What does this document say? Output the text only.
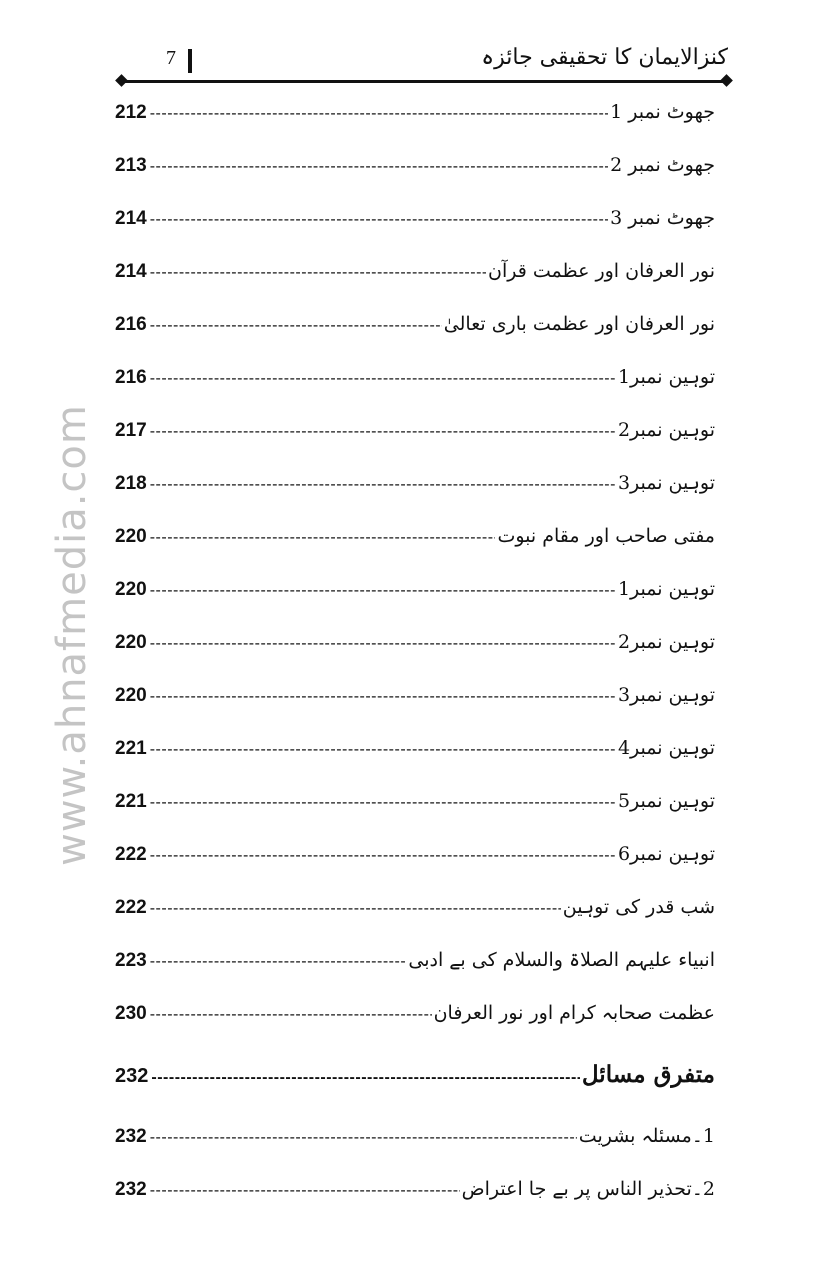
www.ahnafmedia.com
کنزالایمان کا تحقیقی جائزہ
7
جھوٹ نمبر 1
-----
212
جھوٹ نمبر 2
-----
213
جھوٹ نمبر 3
-----
214
نور العرفان اور عظمت قرآن
-----
214
نور العرفان اور عظمت باری تعالیٰ
-----
216
توہین نمبر1
-----
216
توہین نمبر2
-----
217
توہین نمبر3
-----
218
مفتی صاحب اور مقام نبوت
-----
220
توہین نمبر1
-----
220
توہین نمبر2
-----
220
توہین نمبر3
-----
220
توہین نمبر4
-----
221
توہین نمبر5
-----
221
توہین نمبر6
-----
222
شب قدر کی توہین
-----
222
انبیاء علیہم الصلاۃ والسلام کی بے ادبی
-----
223
عظمت صحابہ کرام اور نور العرفان
-----
230
متفرق مسائل
-----
232
1۔مسئلہ بشریت
-----
232
2۔تحذیر الناس پر بے جا اعتراض
-----
232
